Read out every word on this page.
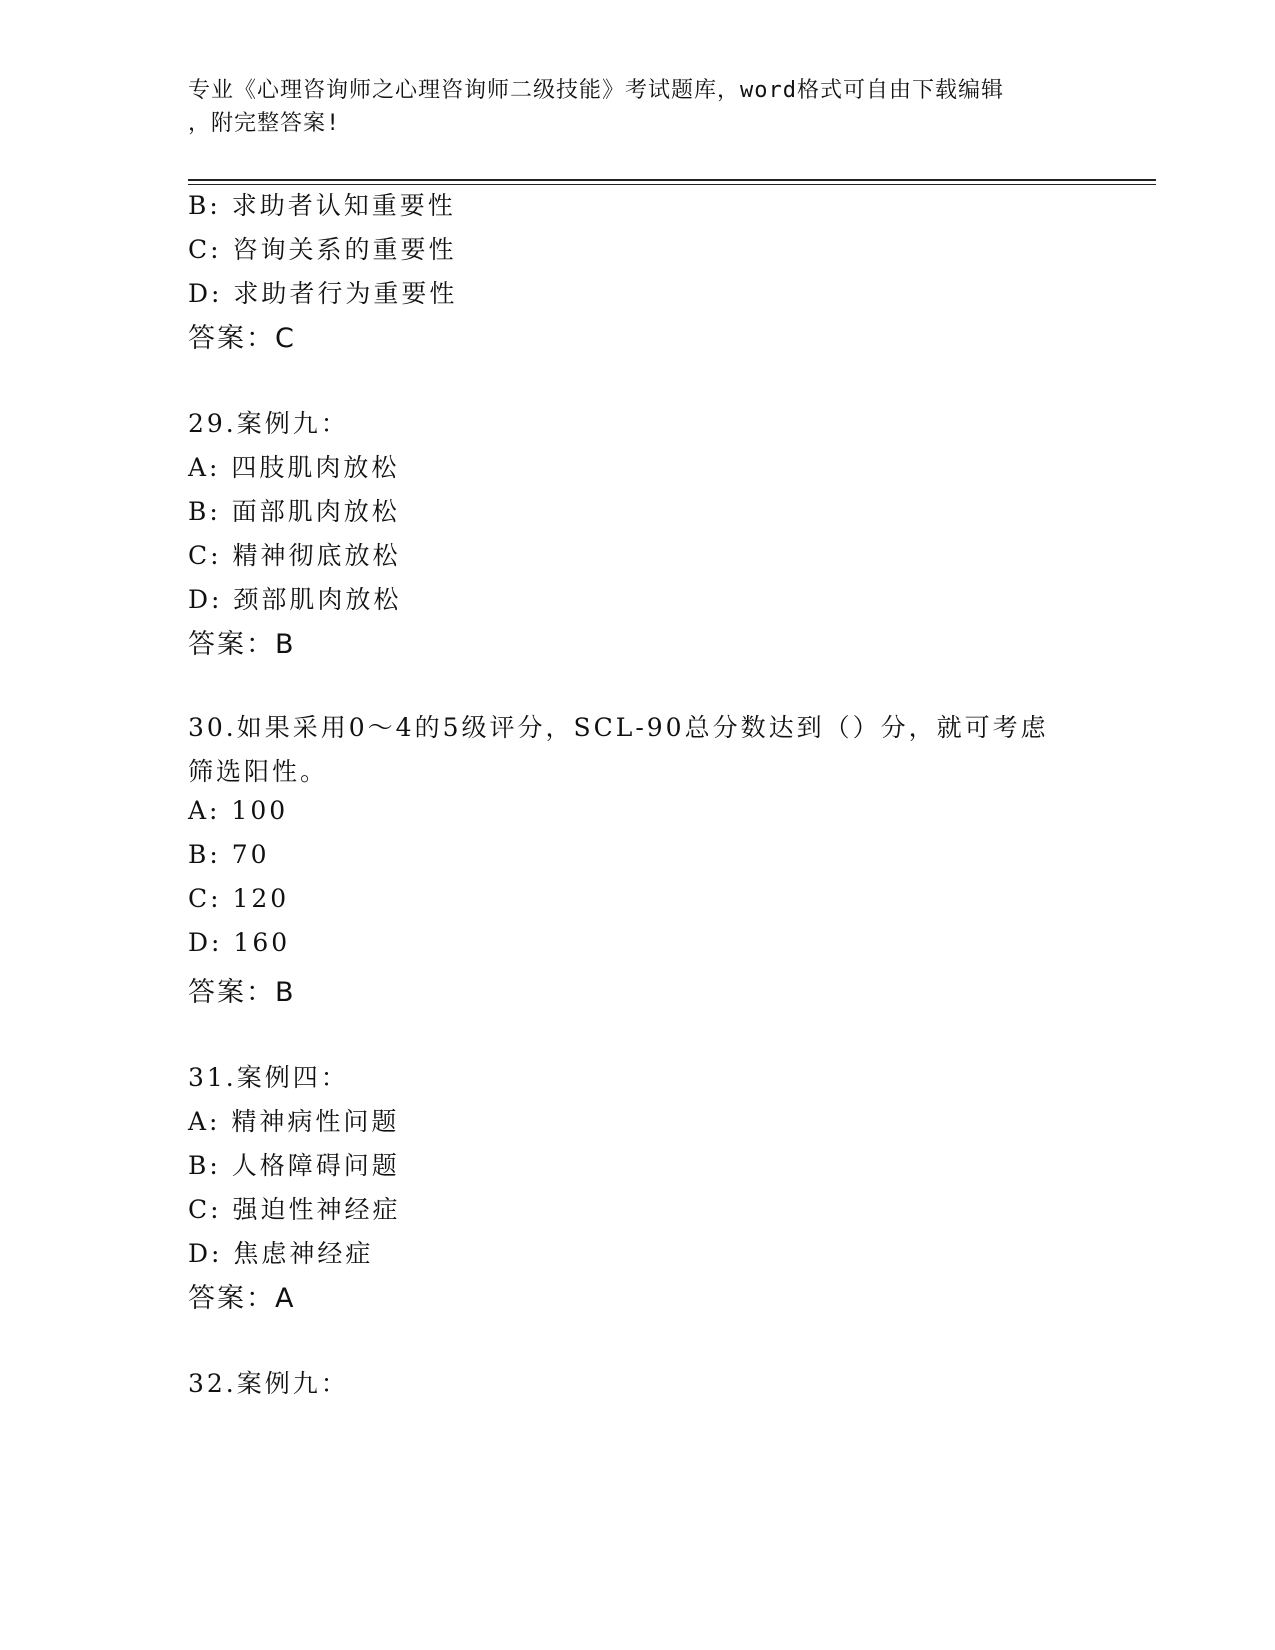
专业《心理咨询师之心理咨询师二级技能》考试题库，word格式可自由下载编辑
，附完整答案!
B: 求助者认知重要性
C: 咨询关系的重要性
D: 求助者行为重要性
答案：C
29.案例九：
A: 四肢肌肉放松
B: 面部肌肉放松
C: 精神彻底放松
D: 颈部肌肉放松
答案：B
30.如果采用0～4的5级评分，SCL-90总分数达到（）分，就可考虑
筛选阳性。
A: 100
B: 70
C: 120
D: 160
答案：B
31.案例四：
A: 精神病性问题
B: 人格障碍问题
C: 强迫性神经症
D: 焦虑神经症
答案：A
32.案例九：
